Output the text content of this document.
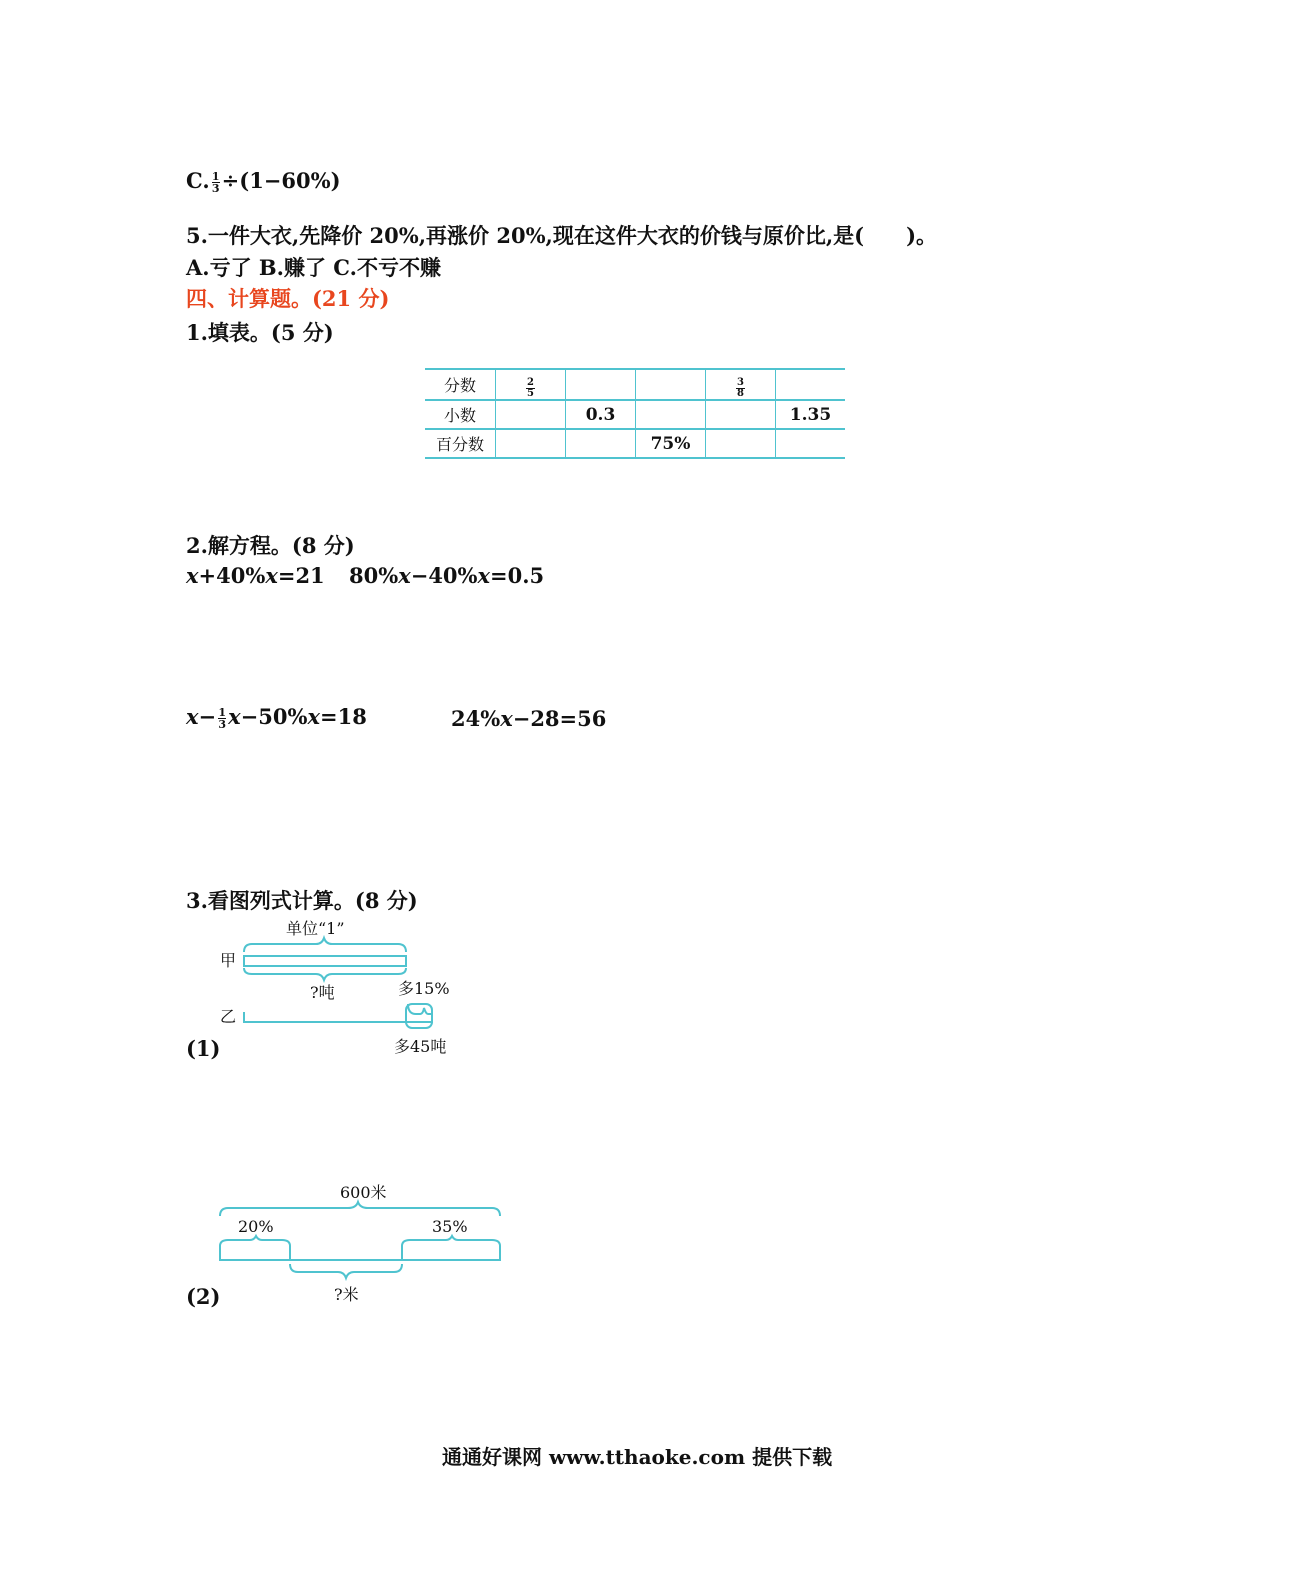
C. $\frac{1}{3} \div(1-60\%)$
5.一件大衣,先降价 20%,再涨价 20%,现在这件大衣的价钱与原价比,是(　　)。
A.亏了 B.赚了 C.不亏不赚
四、计算题。(21 分)
1.填表。(5 分)
分数	$\frac{2}{5}$			$\frac{3}{8}$

小数		0.3			1.35
百分数			75%		
2.解方程。(8 分)
x+40%x=21 80%x−40%x=0.5
$x- \frac{1}{3} x-50\%x=18$	24%x−28=56
3.看图列式计算。(8 分)
单位“1”
甲
?吨	多15%
乙
多45吨
(1)
600米
20%	35%
?米
(2)
通通好课网 www.tthaoke.com 提供下载
